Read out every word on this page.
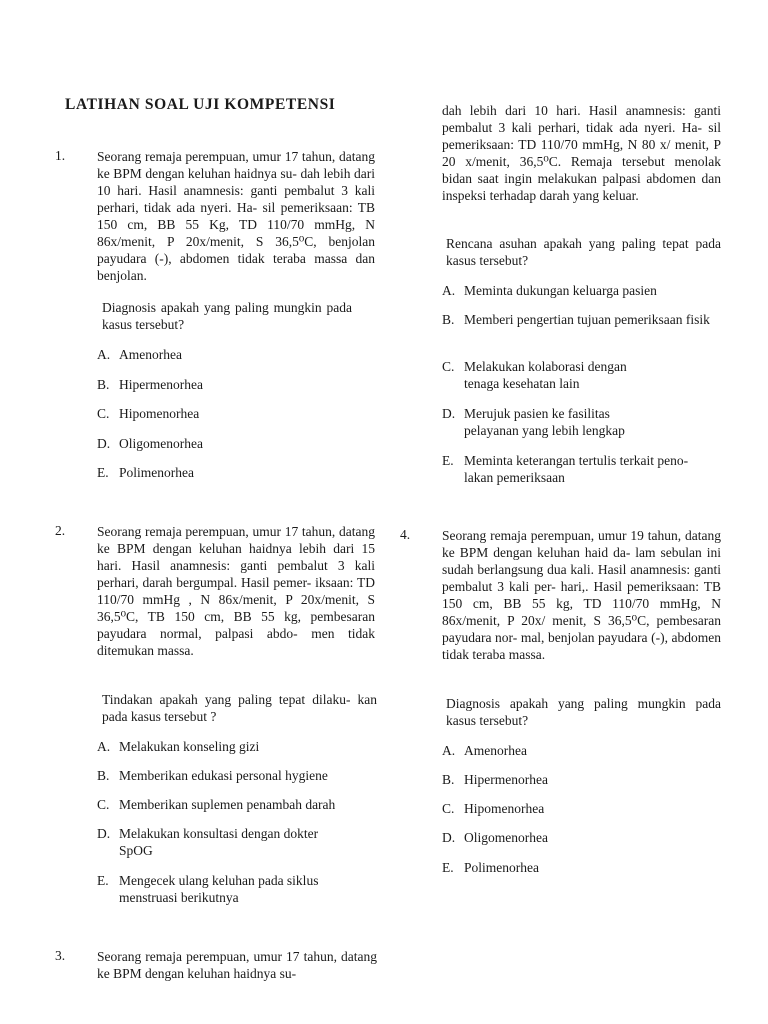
LATIHAN SOAL UJI KOMPETENSI
1. Seorang remaja perempuan, umur 17 tahun, datang ke BPM dengan keluhan haidnya su- dah lebih dari 10 hari. Hasil anamnesis: ganti pembalut 3 kali perhari, tidak ada nyeri. Ha- sil pemeriksaan: TB 150 cm, BB 55 Kg, TD 110/70 mmHg, N 86x/menit, P 20x/menit, S 36,5⁰C, benjolan payudara (-), abdomen tidak teraba massa dan benjolan.
Diagnosis apakah yang paling mungkin pada kasus tersebut?
A. Amenorhea
B. Hipermenorhea
C. Hipomenorhea
D. Oligomenorhea
E. Polimenorhea
2. Seorang remaja perempuan, umur 17 tahun, datang ke BPM dengan keluhan haidnya lebih dari 15 hari. Hasil anamnesis: ganti pembalut 3 kali perhari, darah bergumpal. Hasil pemer- iksaan: TD 110/70 mmHg , N 86x/menit, P 20x/menit, S 36,5⁰C, TB 150 cm, BB 55 kg, pembesaran payudara normal, palpasi abdo- men tidak ditemukan massa.
Tindakan apakah yang paling tepat dilaku- kan pada kasus tersebut ?
A. Melakukan konseling gizi
B. Memberikan edukasi personal hygiene
C. Memberikan suplemen penambah darah
D. Melakukan konsultasi dengan dokter SpOG
E. Mengecek ulang keluhan pada siklus menstruasi berikutnya
3. Seorang remaja perempuan, umur 17 tahun, datang ke BPM dengan keluhan haidnya su-
dah lebih dari 10 hari. Hasil anamnesis: ganti pembalut 3 kali perhari, tidak ada nyeri. Ha- sil pemeriksaan: TD 110/70 mmHg, N 80 x/ menit, P 20 x/menit, 36,5⁰C. Remaja tersebut menolak bidan saat ingin melakukan palpasi abdomen dan inspeksi terhadap darah yang keluar.
Rencana asuhan apakah yang paling tepat pada kasus tersebut?
A. Meminta dukungan keluarga pasien
B. Memberi pengertian tujuan pemeriksaan fisik
C. Melakukan kolaborasi dengan tenaga kesehatan lain
D. Merujuk pasien ke fasilitas pelayanan yang lebih lengkap
E. Meminta keterangan tertulis terkait peno- lakan pemeriksaan
4. Seorang remaja perempuan, umur 19 tahun, datang ke BPM dengan keluhan haid da- lam sebulan ini sudah berlangsung dua kali. Hasil anamnesis: ganti pembalut 3 kali per- hari,. Hasil pemeriksaan: TB 150 cm, BB 55 kg, TD 110/70 mmHg, N 86x/menit, P 20x/ menit, S 36,5⁰C, pembesaran payudara nor- mal, benjolan payudara (-), abdomen tidak teraba massa.
Diagnosis apakah yang paling mungkin pada kasus tersebut?
A. Amenorhea
B. Hipermenorhea
C. Hipomenorhea
D. Oligomenorhea
E. Polimenorhea
